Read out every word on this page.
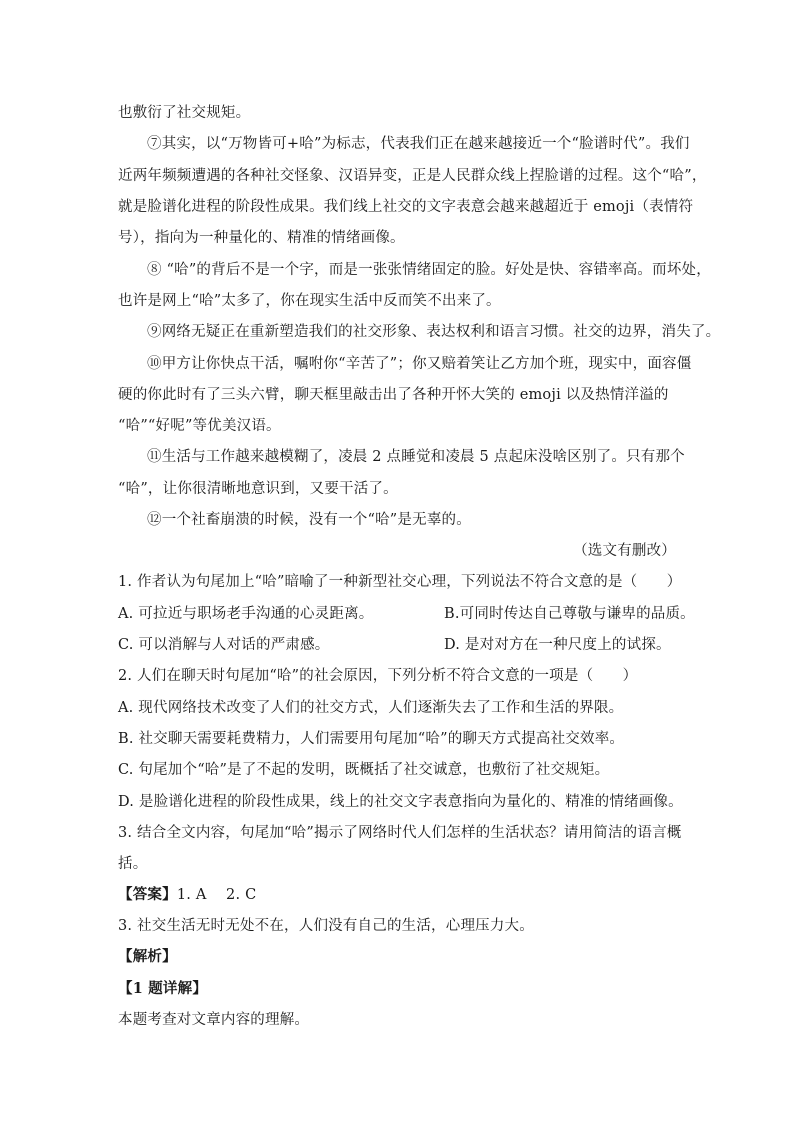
也敷衍了社交规矩。
⑦其实，以“万物皆可+哈”为标志，代表我们正在越来越接近一个“脸谱时代”。我们
近两年频频遭遇的各种社交怪象、汉语异变，正是人民群众线上捏脸谱的过程。这个“哈”，
就是脸谱化进程的阶段性成果。我们线上社交的文字表意会越来越超近于 emoji（表情符
号），指向为一种量化的、精准的情绪画像。
⑧ “哈”的背后不是一个字，而是一张张情绪固定的脸。好处是快、容错率高。而坏处，
也许是网上“哈”太多了，你在现实生活中反而笑不出来了。
⑨网络无疑正在重新塑造我们的社交形象、表达权利和语言习惯。社交的边界，消失了。
⑩甲方让你快点干活，嘱咐你“辛苦了”；你又赔着笑让乙方加个班，现实中，面容僵
硬的你此时有了三头六臂，聊天框里敲击出了各种开怀大笑的 emoji 以及热情洋溢的
“哈”“好呢”等优美汉语。
⑪生活与工作越来越模糊了，凌晨 2 点睡觉和凌晨 5 点起床没啥区别了。只有那个
“哈”，让你很清晰地意识到，又要干活了。
⑫一个社畜崩溃的时候，没有一个“哈”是无辜的。
（选文有删改）
1. 作者认为句尾加上“哈”暗喻了一种新型社交心理，下列说法不符合文意的是（　　）
A. 可拉近与职场老手沟通的心灵距离。	B.可同时传达自己尊敬与谦卑的品质。
C. 可以消解与人对话的严肃感。	D. 是对对方在一种尺度上的试探。
2. 人们在聊天时句尾加“哈”的社会原因，下列分析不符合文意的一项是（　　）
A. 现代网络技术改变了人们的社交方式，人们逐渐失去了工作和生活的界限。
B. 社交聊天需要耗费精力，人们需要用句尾加“哈”的聊天方式提高社交效率。
C. 句尾加个“哈”是了不起的发明，既概括了社交诚意，也敷衍了社交规矩。
D. 是脸谱化进程的阶段性成果，线上的社交文字表意指向为量化的、精准的情绪画像。
3. 结合全文内容，句尾加“哈”揭示了网络时代人们怎样的生活状态？请用简洁的语言概
括。
【答案】1. A　 2. C
3. 社交生活无时无处不在，人们没有自己的生活，心理压力大。
【解析】
【1 题详解】
本题考查对文章内容的理解。
